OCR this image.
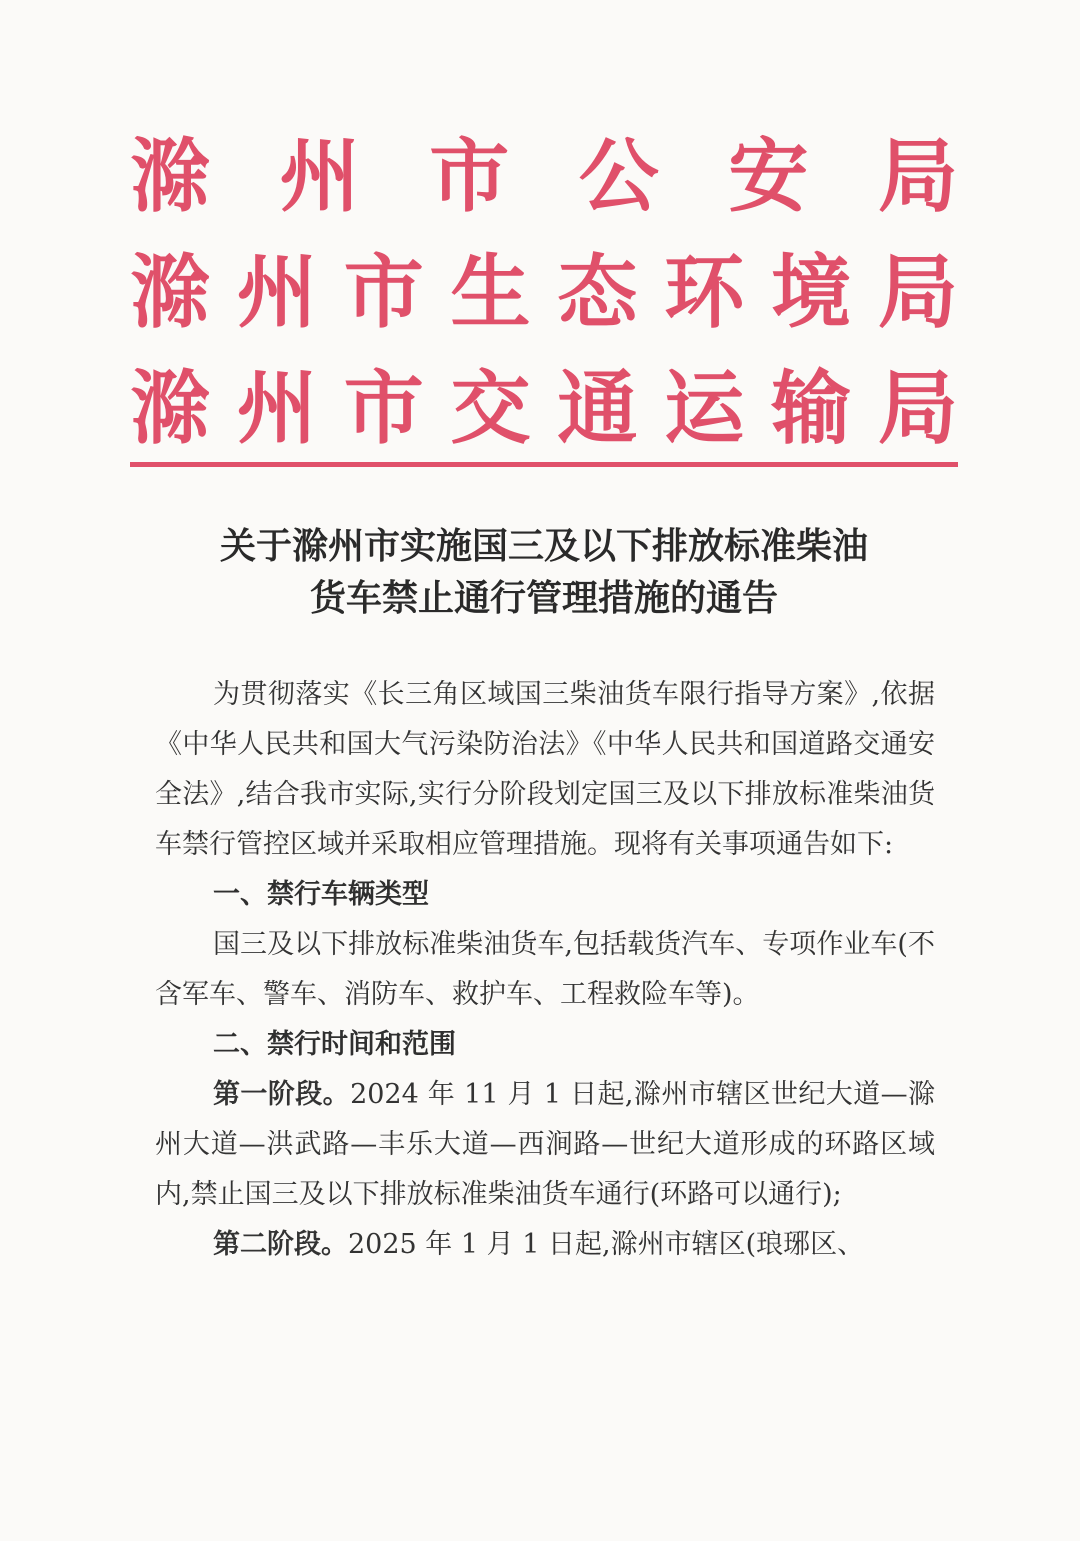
滁 州 市 公 安 局
滁 州 市 生 态 环 境 局
滁 州 市 交 通 运 输 局
关于滁州市实施国三及以下排放标准柴油
货车禁止通行管理措施的通告

为贯彻落实《长三角区域国三柴油货车限行指导方案》,依据《中华人民共和国大气污染防治法》《中华人民共和国道路交通安全法》,结合我市实际,实行分阶段划定国三及以下排放标准柴油货车禁行管控区域并采取相应管理措施。现将有关事项通告如下:

一、禁行车辆类型

国三及以下排放标准柴油货车,包括载货汽车、专项作业车(不含军车、警车、消防车、救护车、工程救险车等)。

二、禁行时间和范围

第一阶段。2024 年 11 月 1 日起,滁州市辖区世纪大道—滁州大道—洪武路—丰乐大道—西涧路—世纪大道形成的环路区域内,禁止国三及以下排放标准柴油货车通行(环路可以通行);

第二阶段。2025 年 1 月 1 日起,滁州市辖区(琅琊区、
